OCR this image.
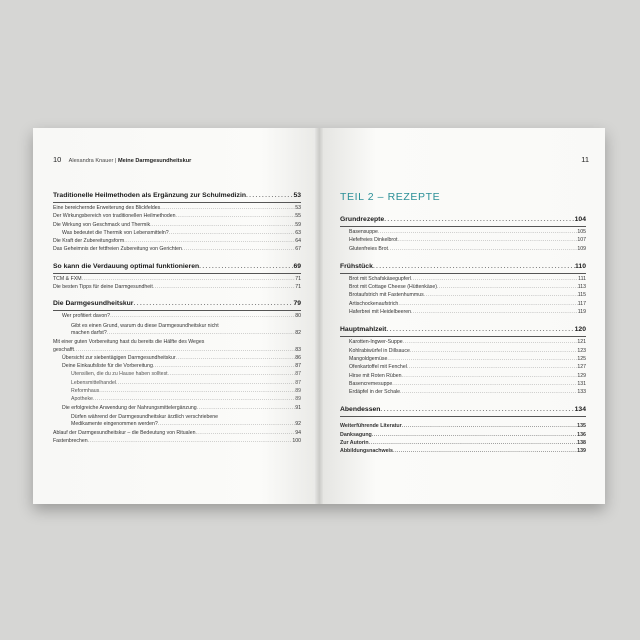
10 Alexandra Knauer | Meine Darmgesundheitskur
Traditionelle Heilmethoden als Ergänzung zur Schulmedizin .....	53
Eine bereichernde Erweiterung des Blickfeldes .....	53
Der Wirkungsbereich von traditionellen Heilmethoden .....	55
Die Wirkung von Geschmack und Thermik .....	59
Was bedeutet die Thermik von Lebensmitteln? .....	63
Die Kraft der Zubereitungsform .....	64
Das Geheimnis der fettfreien Zubereitung von Gerichten .....	67
So kann die Verdauung optimal funktionieren .....	69
TCM & FXM .....	71
Die besten Tipps für deine Darmgesundheit .....	71
Die Darmgesundheitskur .....	79
Wer profitiert davon? .....	80
Gibt es einen Grund, warum du diese Darmgesundheitskur nicht
machen darfst? .....	82
Mit einer guten Vorbereitung hast du bereits die Hälfte des Weges
geschafft .....	83
Übersicht zur siebentägigen Darmgesundheitskur .....	86
Deine Einkaufsliste für die Vorbereitung .....	87
Utensilien, die du zu Hause haben solltest .....	87
Lebensmittelhandel .....	87
Reformhaus .....	89
Apotheke .....	89
Die erfolgreiche Anwendung der Nahrungsmittelergänzung .....	91
Dürfen während der Darmgesundheitskur ärztlich verschriebene
Medikamente eingenommen werden? .....	92
Ablauf der Darmgesundheitskur – die Bedeutung von Ritualen .....	94
Fastenbrechen .....	100
11
TEIL 2 – REZEPTE
Grundrezepte .....	104
Basensuppe .....	105
Hefefreies Dinkelbrot .....	107
Glutenfreies Brot .....	109
Frühstück .....	110
Brot mit Schafskäsegupferl .....	111
Brot mit Cottage Cheese (Hüttenkäse) .....	113
Brotaufstrich mit Fastenhummus .....	115
Artischockenaufstrich .....	117
Haferbrei mit Heidelbeeren .....	119
Hauptmahlzeit .....	120
Karotten-Ingwer-Suppe .....	121
Kohlrabiwürfel in Dillsauce .....	123
Mangoldgemüse .....	125
Ofenkartoffel mit Fenchel .....	127
Hirse mit Roten Rüben .....	129
Basencremesuppe .....	131
Erdäpfel in der Schale .....	133
Abendessen .....	134
Weiterführende Literatur .....	135
Danksagung .....	136
Zur Autorin .....	138
Abbildungsnachweis .....	139
